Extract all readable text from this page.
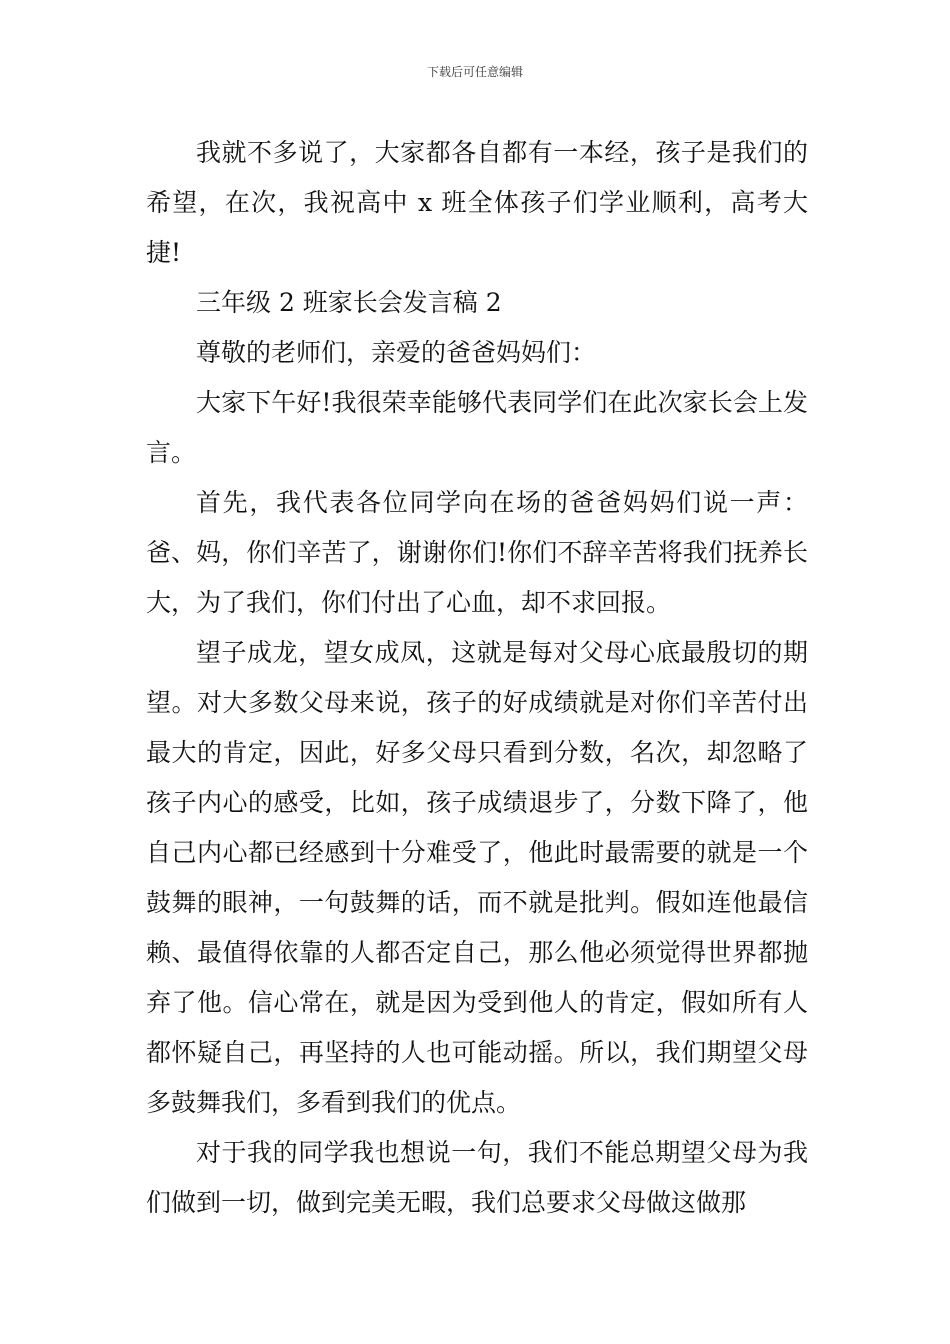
下载后可任意编辑

我就不多说了，大家都各自都有一本经，孩子是我们的希望，在次，我祝高中 x 班全体孩子们学业顺利，高考大捷!

三年级 2 班家长会发言稿 2

尊敬的老师们，亲爱的爸爸妈妈们：

大家下午好!我很荣幸能够代表同学们在此次家长会上发言。

首先，我代表各位同学向在场的爸爸妈妈们说一声：爸、妈，你们辛苦了，谢谢你们!你们不辞辛苦将我们抚养长大，为了我们，你们付出了心血，却不求回报。

望子成龙，望女成凤，这就是每对父母心底最殷切的期望。对大多数父母来说，孩子的好成绩就是对你们辛苦付出最大的肯定，因此，好多父母只看到分数，名次，却忽略了孩子内心的感受，比如，孩子成绩退步了，分数下降了，他自己内心都已经感到十分难受了，他此时最需要的就是一个鼓舞的眼神，一句鼓舞的话，而不就是批判。假如连他最信赖、最值得依靠的人都否定自己，那么他必须觉得世界都抛弃了他。信心常在，就是因为受到他人的肯定，假如所有人都怀疑自己，再坚持的人也可能动摇。所以，我们期望父母多鼓舞我们，多看到我们的优点。

对于我的同学我也想说一句，我们不能总期望父母为我们做到一切，做到完美无暇，我们总要求父母做这做那
